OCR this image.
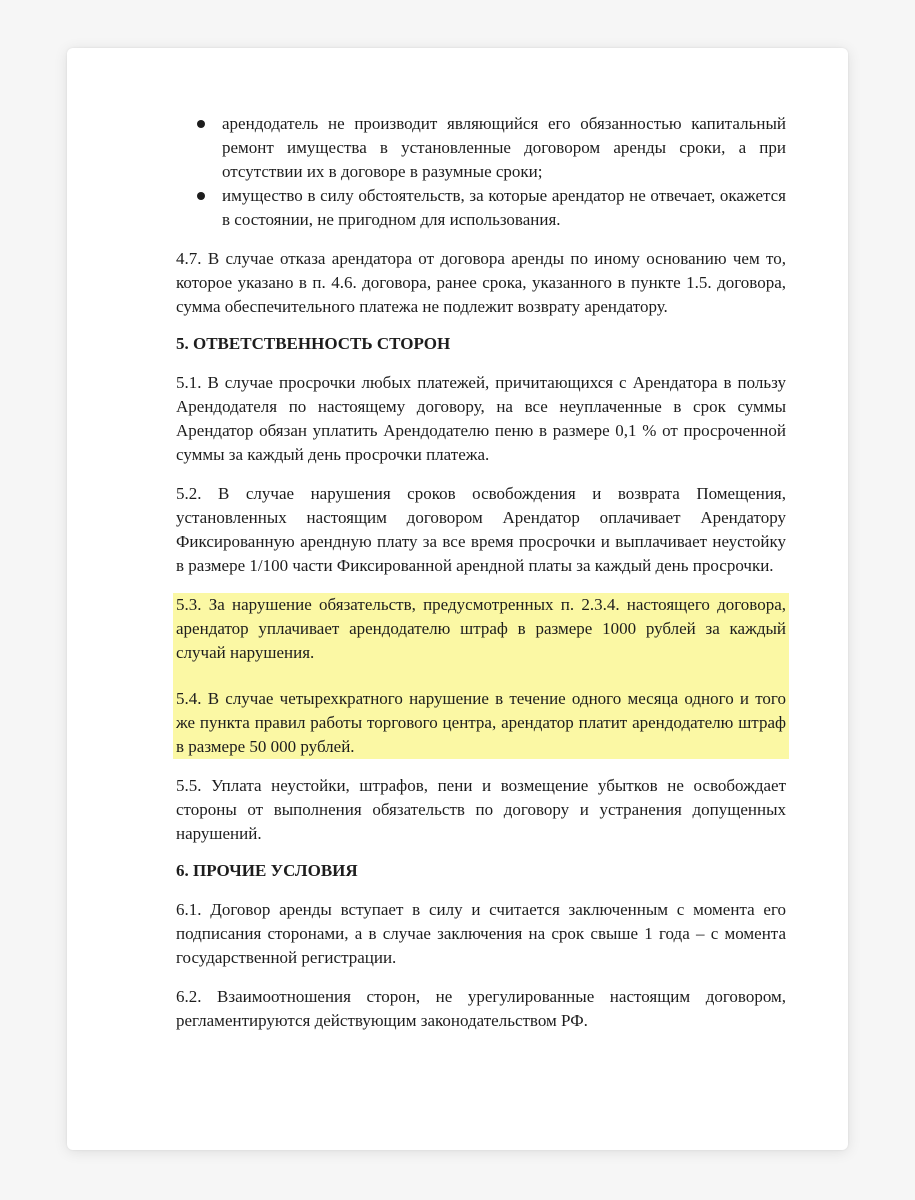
арендодатель не производит являющийся его обязанностью капитальный ремонт имущества в установленные договором аренды сроки, а при отсутствии их в договоре в разумные сроки;
имущество в силу обстоятельств, за которые арендатор не отвечает, окажется в состоянии, не пригодном для использования.

4.7. В случае отказа арендатора от договора аренды по иному основанию чем то, которое указано в п. 4.6. договора, ранее срока, указанного в пункте 1.5. договора, сумма обеспечительного платежа не подлежит возврату арендатору.

5. ОТВЕТСТВЕННОСТЬ СТОРОН

5.1. В случае просрочки любых платежей, причитающихся с Арендатора в пользу Арендодателя по настоящему договору, на все неуплаченные в срок суммы Арендатор обязан уплатить Арендодателю пеню в размере 0,1 % от просроченной суммы за каждый день просрочки платежа.

5.2. В случае нарушения сроков освобождения и возврата Помещения, установленных настоящим договором Арендатор оплачивает Арендатору Фиксированную арендную плату за все время просрочки и выплачивает неустойку в размере 1/100 части Фиксированной арендной платы за каждый день просрочки.

5.3. За нарушение обязательств, предусмотренных п. 2.3.4. настоящего договора, арендатор уплачивает арендодателю штраф в размере 1000 рублей за каждый случай нарушения.

5.4. В случае четырехкратного нарушение в течение одного месяца одного и того же пункта правил работы торгового центра, арендатор платит арендодателю штраф в размере 50 000 рублей.

5.5. Уплата неустойки, штрафов, пени и возмещение убытков не освобождает стороны от выполнения обязательств по договору и устранения допущенных нарушений.

6. ПРОЧИЕ УСЛОВИЯ

6.1. Договор аренды вступает в силу и считается заключенным с момента его подписания сторонами, а в случае заключения на срок свыше 1 года – с момента государственной регистрации.

6.2. Взаимоотношения сторон, не урегулированные настоящим договором, регламентируются действующим законодательством РФ.
